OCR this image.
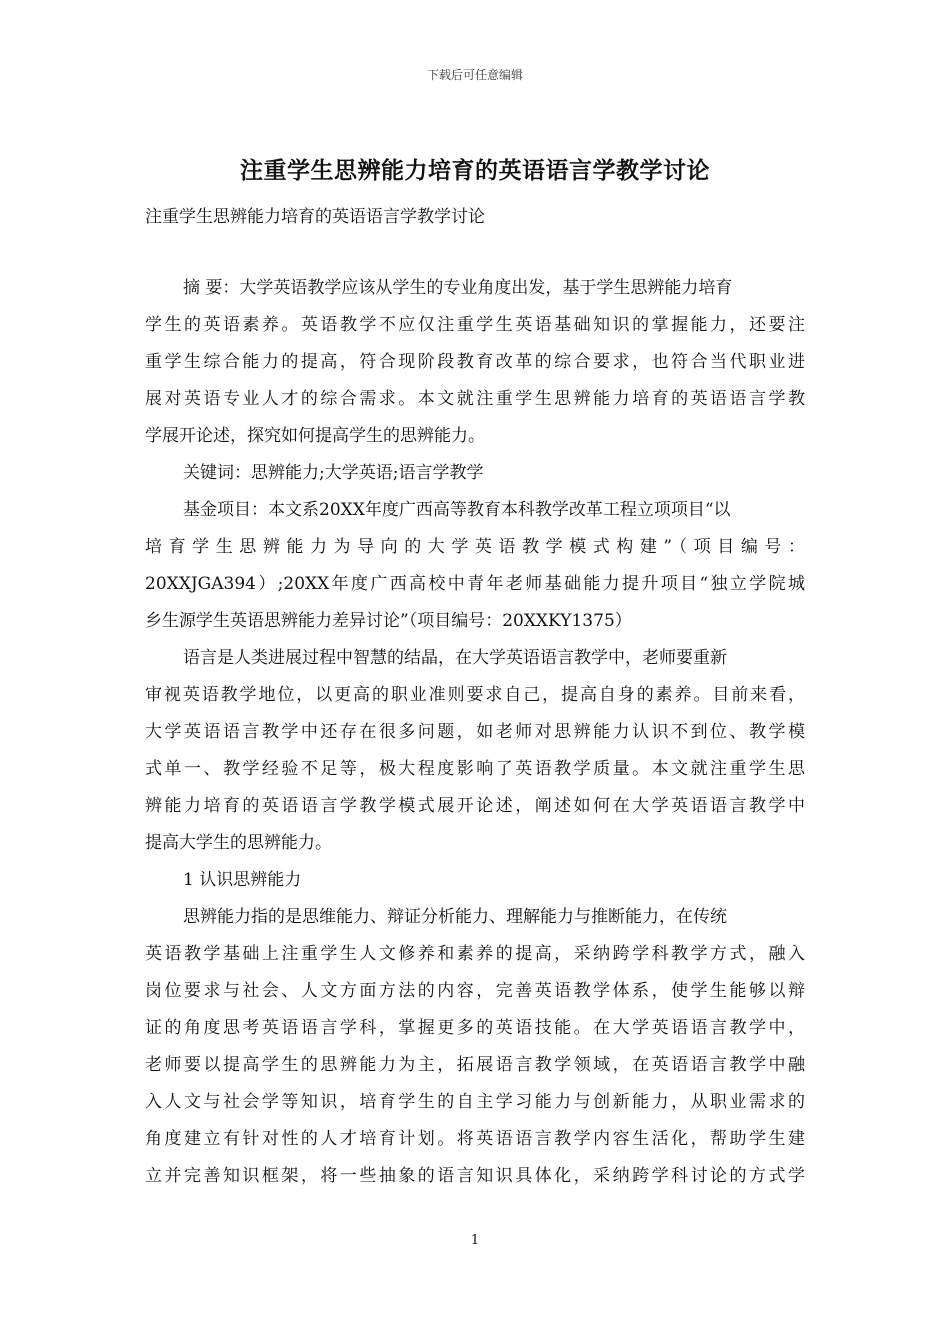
下载后可任意编辑
注重学生思辨能力培育的英语语言学教学讨论
注重学生思辨能力培育的英语语言学教学讨论
摘 要：大学英语教学应该从学生的专业角度出发，基于学生思辨能力培育
学生的英语素养。英语教学不应仅注重学生英语基础知识的掌握能力，还要注
重学生综合能力的提高，符合现阶段教育改革的综合要求，也符合当代职业进
展对英语专业人才的综合需求。本文就注重学生思辨能力培育的英语语言学教
学展开论述，探究如何提高学生的思辨能力。
关键词：思辨能力;大学英语;语言学教学
基金项目：本文系20XX年度广西高等教育本科教学改革工程立项项目“以
培育学生思辨能力为导向的大学英语教学模式构建”（项目编号：
20XXJGA394）;20XX年度广西高校中青年老师基础能力提升项目“独立学院城
乡生源学生英语思辨能力差异讨论”（项目编号：20XXKY1375）
语言是人类进展过程中智慧的结晶，在大学英语语言教学中，老师要重新
审视英语教学地位，以更高的职业准则要求自己，提高自身的素养。目前来看，
大学英语语言教学中还存在很多问题，如老师对思辨能力认识不到位、教学模
式单一、教学经验不足等，极大程度影响了英语教学质量。本文就注重学生思
辨能力培育的英语语言学教学模式展开论述，阐述如何在大学英语语言教学中
提高大学生的思辨能力。
1 认识思辨能力
思辨能力指的是思维能力、辩证分析能力、理解能力与推断能力，在传统
英语教学基础上注重学生人文修养和素养的提高，采纳跨学科教学方式，融入
岗位要求与社会、人文方面方法的内容，完善英语教学体系，使学生能够以辩
证的角度思考英语语言学科，掌握更多的英语技能。在大学英语语言教学中，
老师要以提高学生的思辨能力为主，拓展语言教学领域，在英语语言教学中融
入人文与社会学等知识，培育学生的自主学习能力与创新能力，从职业需求的
角度建立有针对性的人才培育计划。将英语语言教学内容生活化，帮助学生建
立并完善知识框架，将一些抽象的语言知识具体化，采纳跨学科讨论的方式学
1
